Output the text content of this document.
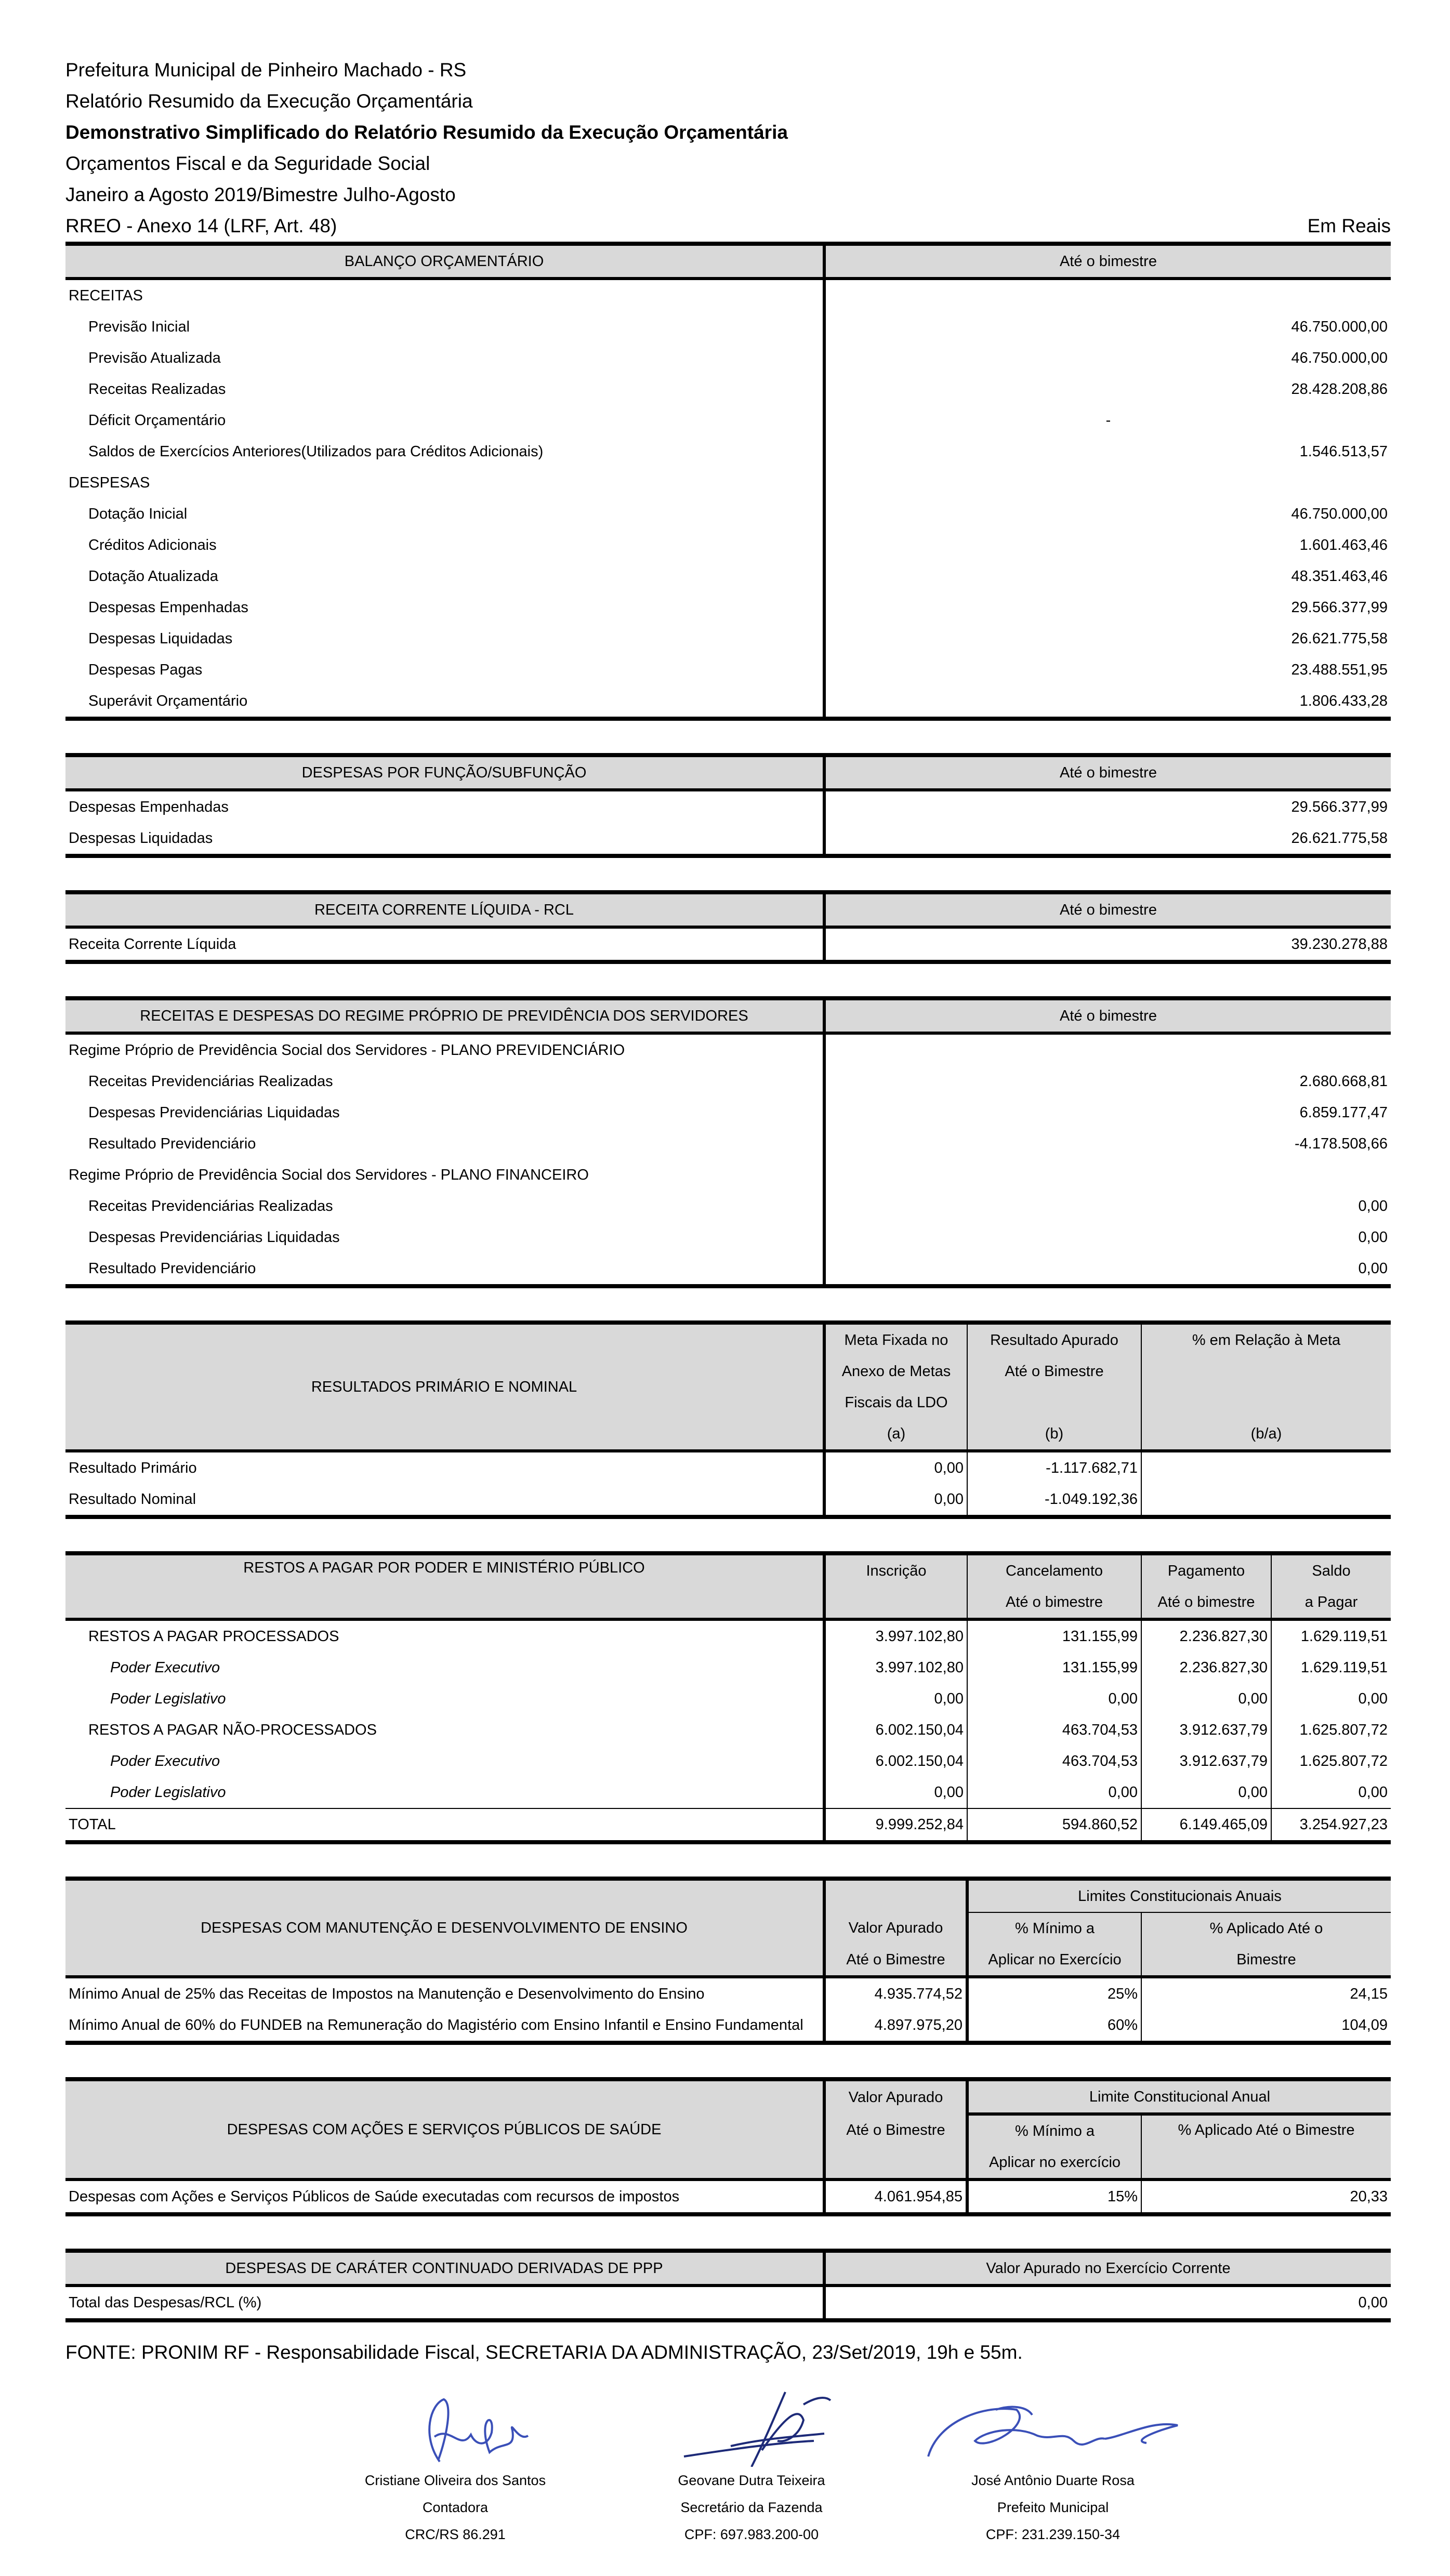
Prefeitura Municipal de Pinheiro Machado - RS
Relatório Resumido da Execução Orçamentária
Demonstrativo Simplificado do Relatório Resumido da Execução Orçamentária
Orçamentos Fiscal e da Seguridade Social
Janeiro a Agosto 2019/Bimestre Julho-Agosto
RREO - Anexo 14 (LRF, Art. 48)	Em Reais
BALANÇO ORÇAMENTÁRIO	Até o bimestre
RECEITAS	
Previsão Inicial	46.750.000,00
Previsão Atualizada	46.750.000,00
Receitas Realizadas	28.428.208,86
Déficit Orçamentário	-
Saldos de Exercícios Anteriores(Utilizados para Créditos Adicionais)	1.546.513,57
DESPESAS	
Dotação Inicial	46.750.000,00
Créditos Adicionais	1.601.463,46
Dotação Atualizada	48.351.463,46
Despesas Empenhadas	29.566.377,99
Despesas Liquidadas	26.621.775,58
Despesas Pagas	23.488.551,95
Superávit Orçamentário	1.806.433,28
DESPESAS POR FUNÇÃO/SUBFUNÇÃO	Até o bimestre
Despesas Empenhadas	29.566.377,99
Despesas Liquidadas	26.621.775,58
RECEITA CORRENTE LÍQUIDA - RCL	Até o bimestre
Receita Corrente Líquida	39.230.278,88
RECEITAS E DESPESAS DO REGIME PRÓPRIO DE PREVIDÊNCIA DOS SERVIDORES	Até o bimestre
Regime Próprio de Previdência Social dos Servidores - PLANO PREVIDENCIÁRIO	
Receitas Previdenciárias Realizadas	2.680.668,81
Despesas Previdenciárias Liquidadas	6.859.177,47
Resultado Previdenciário	-4.178.508,66
Regime Próprio de Previdência Social dos Servidores - PLANO FINANCEIRO	
Receitas Previdenciárias Realizadas	0,00
Despesas Previdenciárias Liquidadas	0,00
Resultado Previdenciário	0,00
RESULTADOS PRIMÁRIO E NOMINAL	Meta Fixada no	Resultado Apurado	% em Relação à Meta
	Anexo de Metas	Até o Bimestre	
	Fiscais da LDO		
	(a)	(b)	(b/a)
Resultado Primário	0,00	-1.117.682,71	
Resultado Nominal	0,00	-1.049.192,36	
RESTOS A PAGAR POR PODER E MINISTÉRIO PÚBLICO	Inscrição	Cancelamento	Pagamento	Saldo
		Até o bimestre	Até o bimestre	a Pagar
RESTOS A PAGAR PROCESSADOS	3.997.102,80	131.155,99	2.236.827,30	1.629.119,51
Poder Executivo	3.997.102,80	131.155,99	2.236.827,30	1.629.119,51
Poder Legislativo	0,00	0,00	0,00	0,00
RESTOS A PAGAR NÃO-PROCESSADOS	6.002.150,04	463.704,53	3.912.637,79	1.625.807,72
Poder Executivo	6.002.150,04	463.704,53	3.912.637,79	1.625.807,72
Poder Legislativo	0,00	0,00	0,00	0,00
TOTAL	9.999.252,84	594.860,52	6.149.465,09	3.254.927,23
DESPESAS COM MANUTENÇÃO E DESENVOLVIMENTO DE ENSINO		Limites Constitucionais Anuais	
	Valor Apurado	% Mínimo a	% Aplicado Até o
	Até o Bimestre	Aplicar no Exercício	Bimestre
Mínimo Anual de 25% das Receitas de Impostos na Manutenção e Desenvolvimento do Ensino	4.935.774,52	25%	24,15
Mínimo Anual de 60% do FUNDEB na Remuneração do Magistério com Ensino Infantil e Ensino Fundamental	4.897.975,20	60%	104,09
DESPESAS COM AÇÕES E SERVIÇOS PÚBLICOS DE SAÚDE	Valor Apurado	Limite Constitucional Anual	
	Até o Bimestre	% Mínimo a	% Aplicado Até o Bimestre
		Aplicar no exercício	
Despesas com Ações e Serviços Públicos de Saúde executadas com recursos de impostos	4.061.954,85	15%	20,33
DESPESAS DE CARÁTER CONTINUADO DERIVADAS DE PPP	Valor Apurado no Exercício Corrente
Total das Despesas/RCL (%)	0,00
FONTE: PRONIM RF - Responsabilidade Fiscal, SECRETARIA DA ADMINISTRAÇÃO, 23/Set/2019, 19h e 55m.
Cristiane Oliveira dos Santos
Contadora
CRC/RS 86.291
Geovane Dutra Teixeira
Secretário da Fazenda
CPF: 697.983.200-00
José Antônio Duarte Rosa
Prefeito Municipal
CPF: 231.239.150-34
